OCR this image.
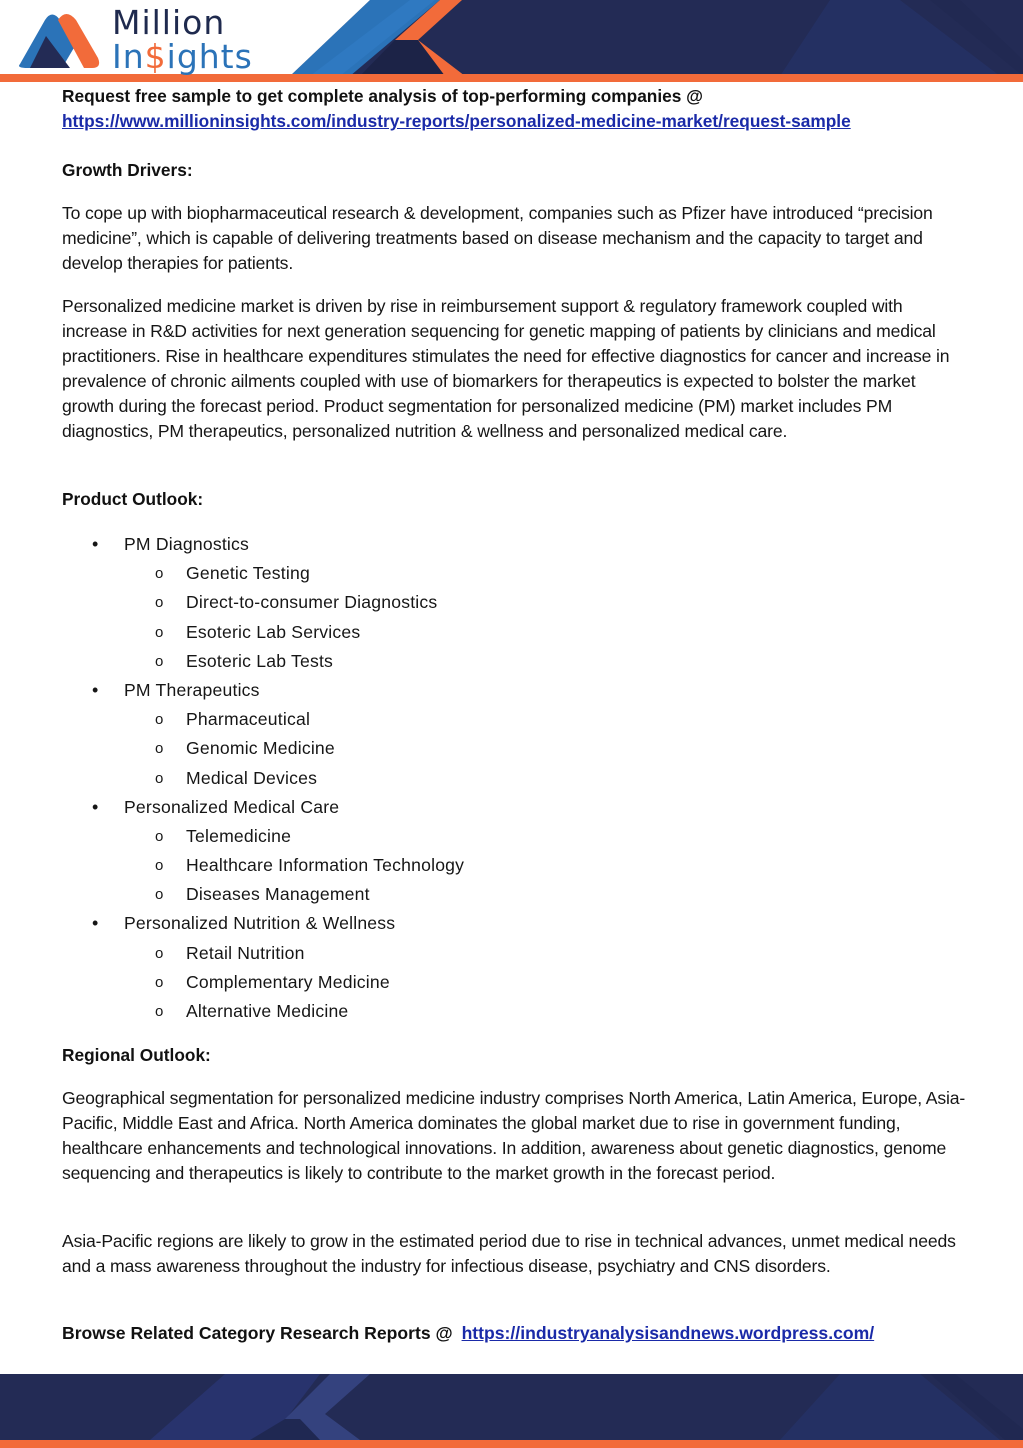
Million
In$ights
Request free sample to get complete analysis of top-performing companies @
https://www.millioninsights.com/industry-reports/personalized-medicine-market/request-sample
Growth Drivers:

To cope up with biopharmaceutical research & development, companies such as Pfizer have introduced “precision medicine”, which is capable of delivering treatments based on disease mechanism and the capacity to target and develop therapies for patients.

Personalized medicine market is driven by rise in reimbursement support & regulatory framework coupled with increase in R&D activities for next generation sequencing for genetic mapping of patients by clinicians and medical practitioners. Rise in healthcare expenditures stimulates the need for effective diagnostics for cancer and increase in prevalence of chronic ailments coupled with use of biomarkers for therapeutics is expected to bolster the market growth during the forecast period. Product segmentation for personalized medicine (PM) market includes PM diagnostics, PM therapeutics, personalized nutrition & wellness and personalized medical care.

Product Outlook:
• PM Diagnostics
o Genetic Testing
o Direct-to-consumer Diagnostics
o Esoteric Lab Services
o Esoteric Lab Tests
• PM Therapeutics
o Pharmaceutical
o Genomic Medicine
o Medical Devices
• Personalized Medical Care
o Telemedicine
o Healthcare Information Technology
o Diseases Management
• Personalized Nutrition & Wellness
o Retail Nutrition
o Complementary Medicine
o Alternative Medicine
Regional Outlook:

Geographical segmentation for personalized medicine industry comprises North America, Latin America, Europe, Asia-Pacific, Middle East and Africa. North America dominates the global market due to rise in government funding, healthcare enhancements and technological innovations. In addition, awareness about genetic diagnostics, genome sequencing and therapeutics is likely to contribute to the market growth in the forecast period.

Asia-Pacific regions are likely to grow in the estimated period due to rise in technical advances, unmet medical needs and a mass awareness throughout the industry for infectious disease, psychiatry and CNS disorders.

Browse Related Category Research Reports @ https://industryanalysisandnews.wordpress.com/
